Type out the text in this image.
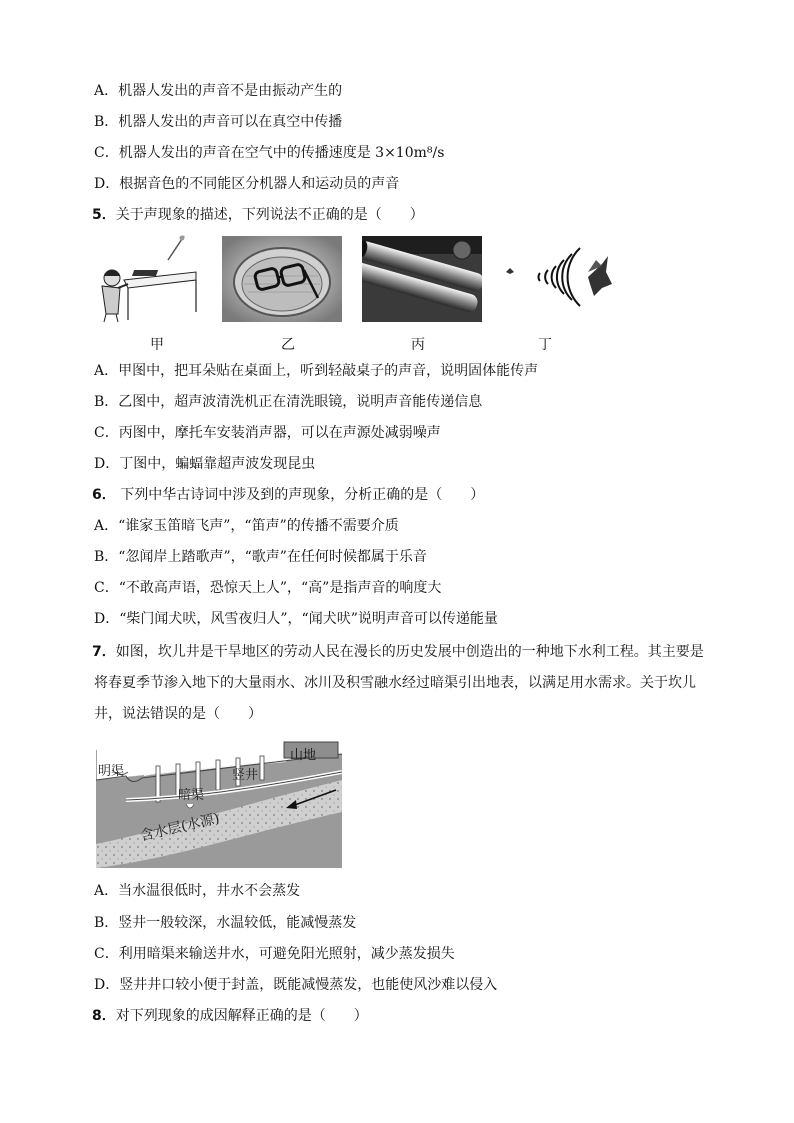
A．机器人发出的声音不是由振动产生的
B．机器人发出的声音可以在真空中传播
C．机器人发出的声音在空气中的传播速度是 3×10m⁸/s
D．根据音色的不同能区分机器人和运动员的声音
5．关于声现象的描述，下列说法不正确的是（　　）
甲	乙	丙	丁
A．甲图中，把耳朵贴在桌面上，听到轻敲桌子的声音，说明固体能传声
B．乙图中，超声波清洗机正在清洗眼镜，说明声音能传递信息
C．丙图中，摩托车安装消声器，可以在声源处减弱噪声
D．丁图中，蝙蝠靠超声波发现昆虫
6． 下列中华古诗词中涉及到的声现象，分析正确的是（　　）
A．“谁家玉笛暗飞声”，“笛声”的传播不需要介质
B．“忽闻岸上踏歌声”，“歌声”在任何时候都属于乐音
C．“不敢高声语，恐惊天上人”，“高”是指声音的响度大
D．“柴门闻犬吠，风雪夜归人”，“闻犬吠”说明声音可以传递能量
7．如图，坎儿井是干旱地区的劳动人民在漫长的历史发展中创造出的一种地下水利工程。其主要是
将春夏季节渗入地下的大量雨水、冰川及积雪融水经过暗渠引出地表，以满足用水需求。关于坎儿
井，说法错误的是（　　）
明渠	竖井
山地
暗渠
含水层(水源)
A．当水温很低时，井水不会蒸发
B．竖井一般较深，水温较低，能减慢蒸发
C．利用暗渠来输送井水，可避免阳光照射，减少蒸发损失
D．竖井井口较小便于封盖，既能减慢蒸发，也能使风沙难以侵入
8．对下列现象的成因解释正确的是（　　）
